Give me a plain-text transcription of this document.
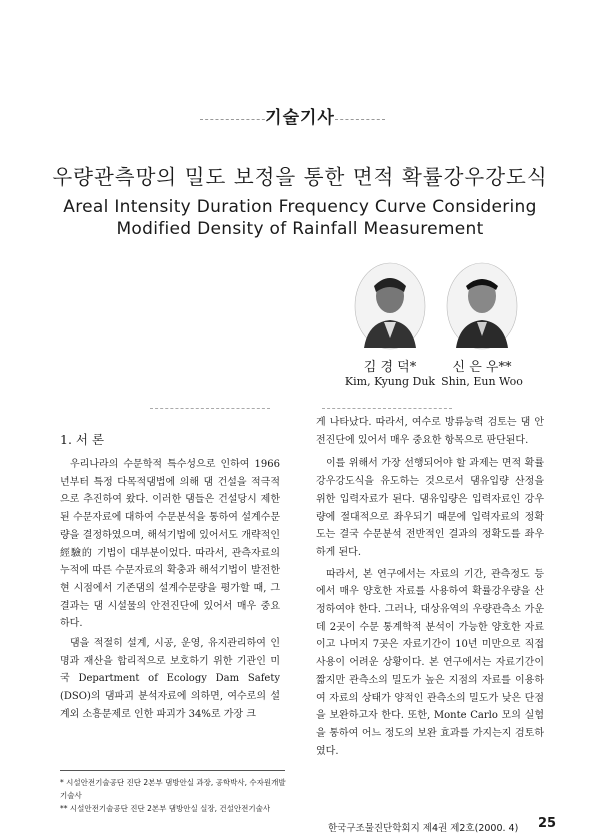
기술기사
우량관측망의 밀도 보정을 통한 면적 확률강우강도식
Areal Intensity Duration Frequency Curve Considering
Modified Density of Rainfall Measurement
김 경 덕*
Kim, Kyung Duk
신 은 우**
Shin, Eun Woo
1. 서 론

우리나라의 수문학적 특수성으로 인하여 1966년부터 특정 다목적댐법에 의해 댐 건설을 적극적으로 추진하여 왔다. 이러한 댐들은 건설당시 제한된 수문자료에 대하여 수문분석을 통하여 설계수문량을 결정하였으며, 해석기법에 있어서도 개략적인 經驗的 기법이 대부분이었다. 따라서, 관측자료의 누적에 따른 수문자료의 확충과 해석기법이 발전한 현 시점에서 기존댐의 설계수문량을 평가할 때, 그 결과는 댐 시설물의 안전진단에 있어서 매우 중요하다.

댐을 적절히 설계, 시공, 운영, 유지관리하여 인명과 재산을 합리적으로 보호하기 위한 기관인 미국 Department of Ecology Dam Safety (DSO)의 댐파괴 분석자료에 의하면, 여수로의 설계외 소흥문제로 인한 파괴가 34%로 가장 크

게 나타났다. 따라서, 여수로 방류능력 검토는 댐 안전진단에 있어서 매우 중요한 항목으로 판단된다.

이를 위해서 가장 선행되어야 할 과제는 면적 확률강우강도식을 유도하는 것으로서 댐유입량 산정을 위한 입력자료가 된다. 댐유입량은 입력자료인 강우량에 절대적으로 좌우되기 때문에 입력자료의 정확도는 결국 수문분석 전반적인 결과의 정확도를 좌우하게 된다.

따라서, 본 연구에서는 자료의 기간, 관측정도 등에서 매우 양호한 자료를 사용하여 확률강우량을 산정하여야 한다. 그러나, 대상유역의 우량관측소 가운데 2곳이 수문 통계학적 분석이 가능한 양호한 자료이고 나머지 7곳은 자료기간이 10년 미만으로 직접 사용이 어려운 상황이다. 본 연구에서는 자료기간이 짧지만 관측소의 밀도가 높은 지점의 자료를 이용하여 자료의 상태가 양적인 관측소의 밀도가 낮은 단점을 보완하고자 한다. 또한, Monte Carlo 모의 실험을 통하여 어느 정도의 보완 효과를 가지는지 검토하였다.

* 시설안전기술공단 진단 2본부 댐방안실 과장, 공학박사, 수자원개발기술사
** 시설안전기술공단 진단 2본부 댐방안실 실장, 건설안전기술사
한국구조물진단학회지 제4권 제2호(2000. 4) 25
